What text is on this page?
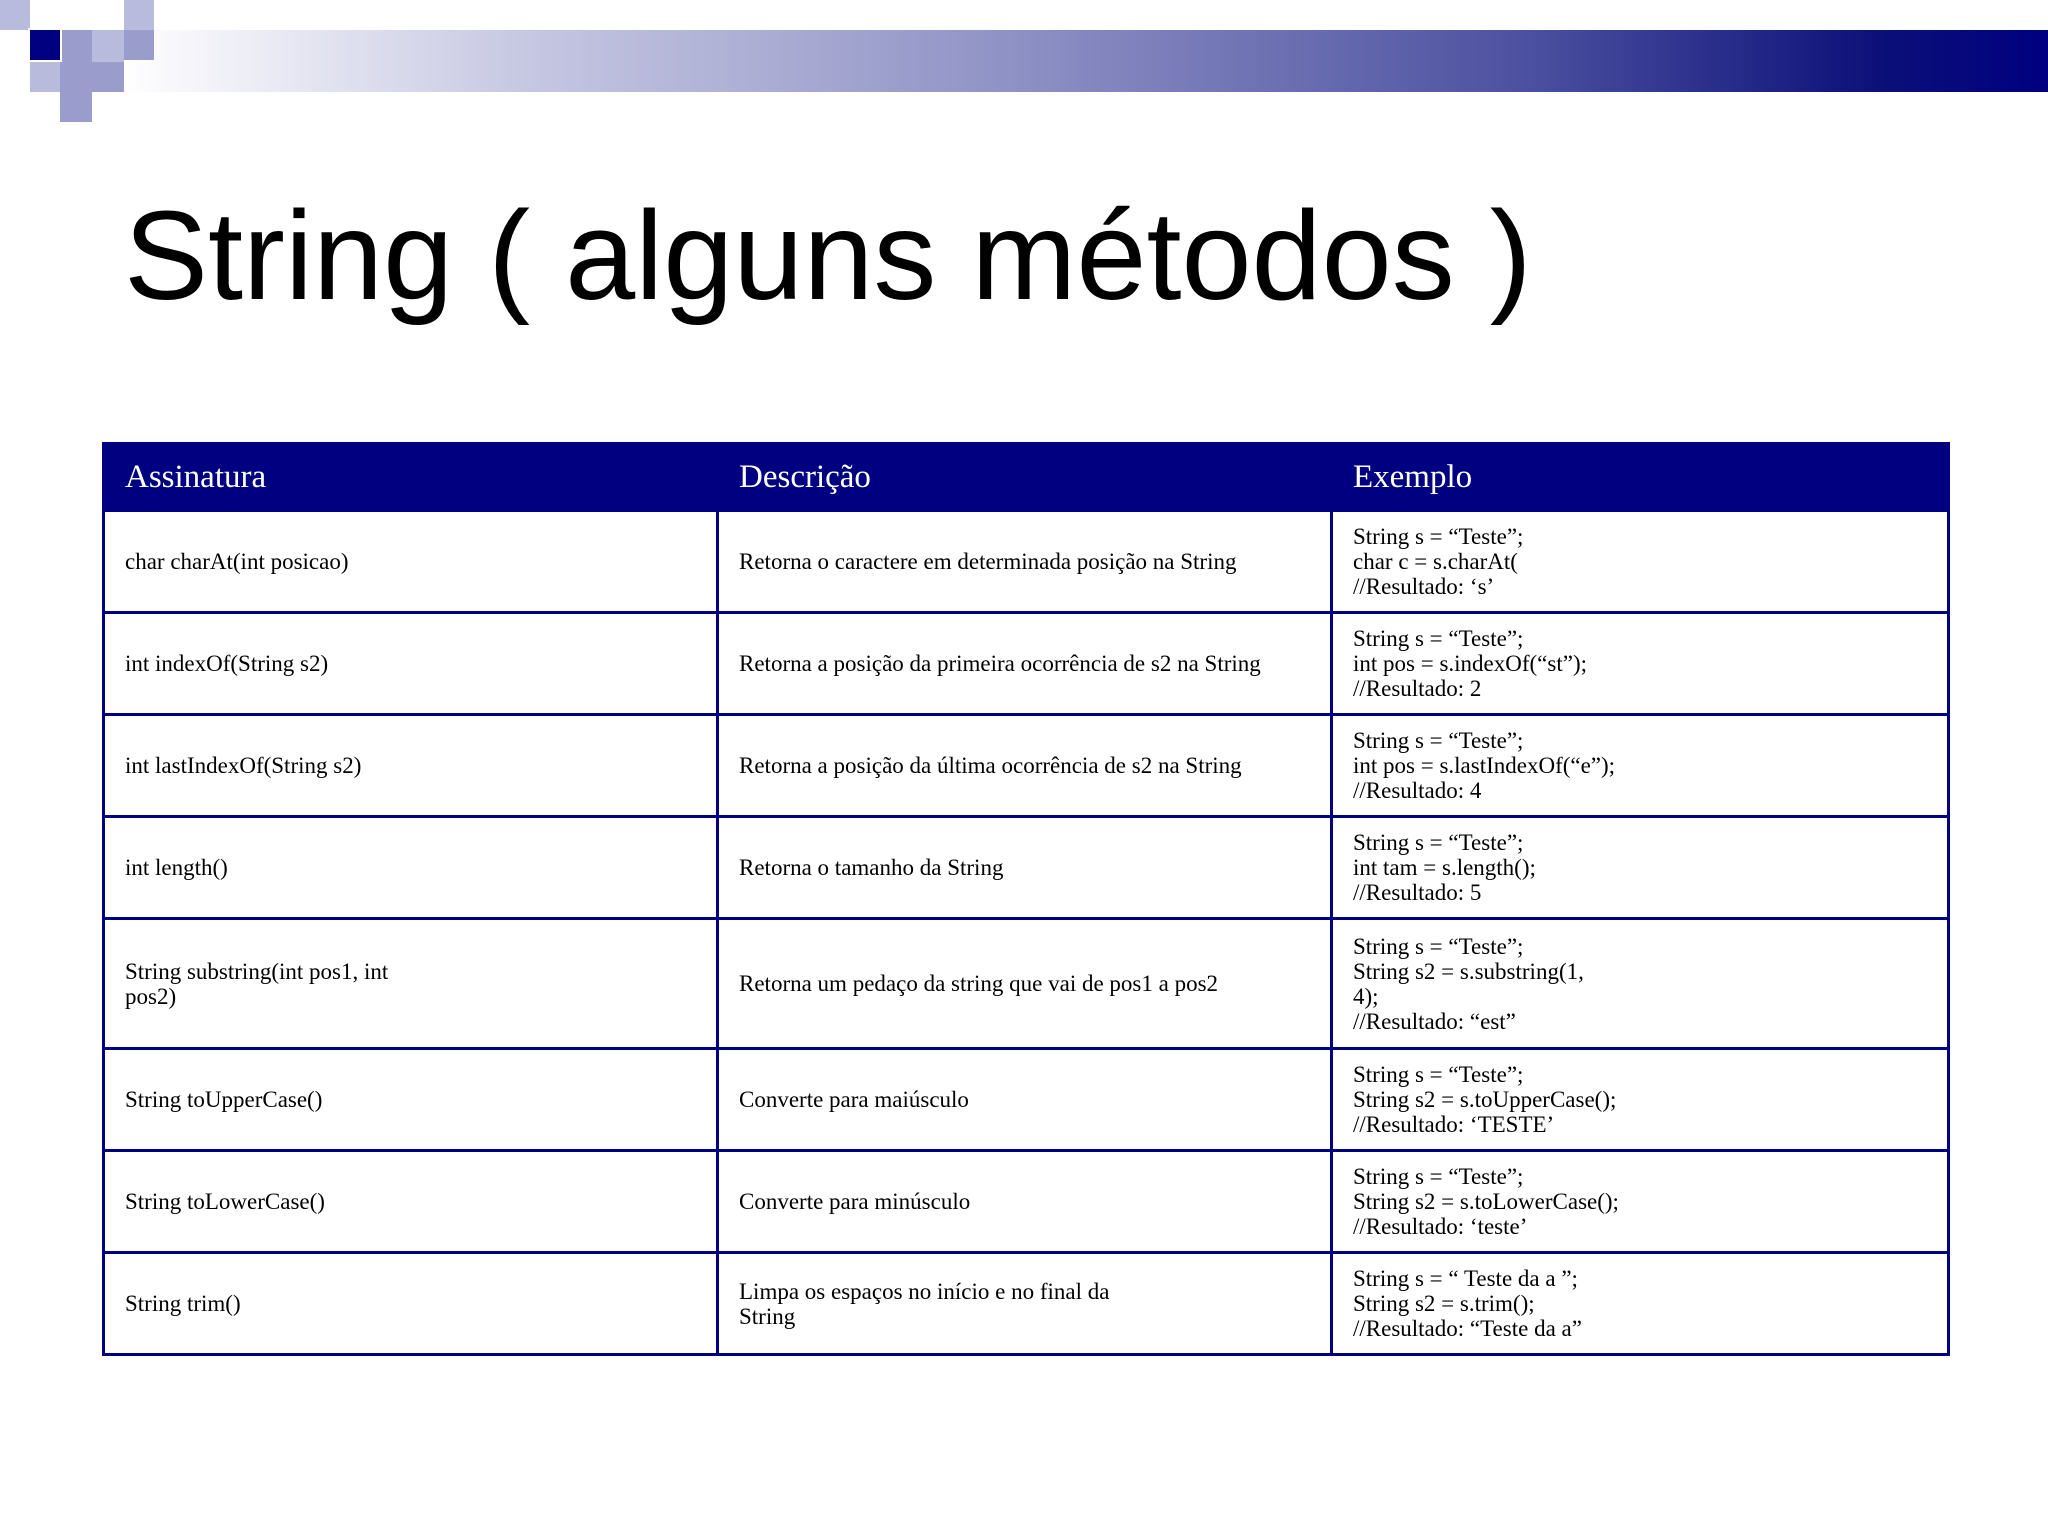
String ( alguns métodos )
Assinatura	Descrição	Exemplo
char charAt(int posicao)	Retorna o caractere em determinada posição na String	String s = “Teste”;
char c = s.charAt(
//Resultado: ‘s’

int indexOf(String s2)	Retorna a posição da primeira ocorrência de s2 na String	String s = “Teste”;
int pos = s.indexOf(“st”);
//Resultado: 2

int lastIndexOf(String s2)	Retorna a posição da última ocorrência de s2 na String	String s = “Teste”;
int pos = s.lastIndexOf(“e”);
//Resultado: 4

int length()	Retorna o tamanho da String	String s = “Teste”;
int tam = s.length();
//Resultado: 5

String substring(int pos1, int pos2)	Retorna um pedaço da string que vai de pos1 a pos2	String s = “Teste”;
String s2 = s.substring(1,
4);
//Resultado: “est”

String toUpperCase()	Converte para maiúsculo	String s = “Teste”;
String s2 = s.toUpperCase();
//Resultado: ‘TESTE’

String toLowerCase()	Converte para minúsculo	String s = “Teste”;
String s2 = s.toLowerCase();
//Resultado: ‘teste’

String trim()	Limpa os espaços no início e no final da String	String s = “ Teste da a ”;
String s2 = s.trim();
//Resultado: “Teste da a”
